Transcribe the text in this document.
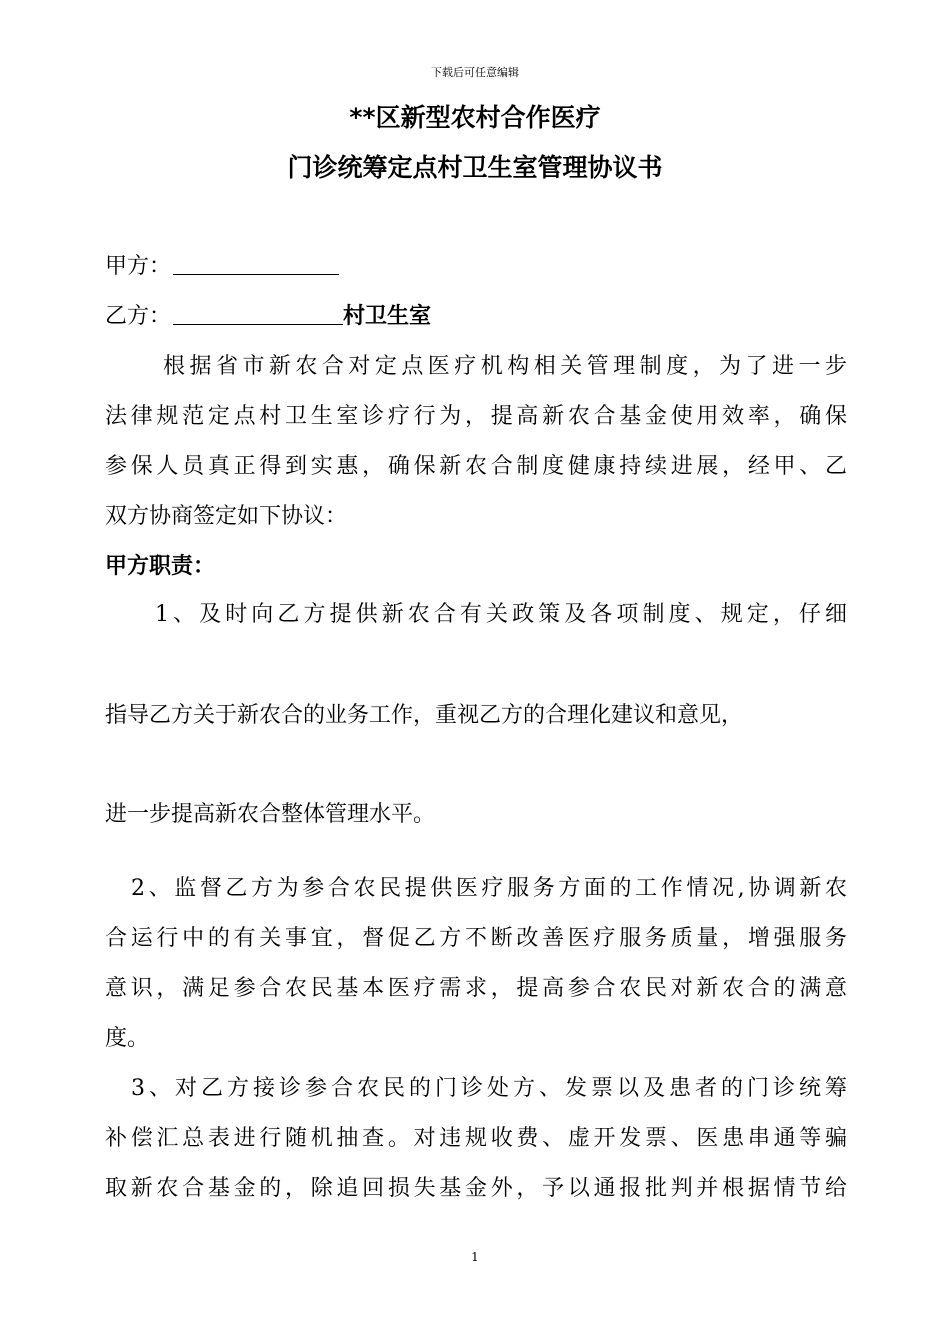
下载后可任意编辑
**区新型农村合作医疗
门诊统筹定点村卫生室管理协议书
甲方：
乙方：	村卫生室
根据省市新农合对定点医疗机构相关管理制度，为了进一步
法律规范定点村卫生室诊疗行为，提高新农合基金使用效率，确保
参保人员真正得到实惠，确保新农合制度健康持续进展，经甲、乙
双方协商签定如下协议：
甲方职责：
1、及时向乙方提供新农合有关政策及各项制度、规定，仔细
指导乙方关于新农合的业务工作，重视乙方的合理化建议和意见，
进一步提高新农合整体管理水平。
2、监督乙方为参合农民提供医疗服务方面的工作情况,协调新农
合运行中的有关事宜，督促乙方不断改善医疗服务质量，增强服务
意识，满足参合农民基本医疗需求，提高参合农民对新农合的满意
度。
3、对乙方接诊参合农民的门诊处方、发票以及患者的门诊统筹
补偿汇总表进行随机抽查。对违规收费、虚开发票、医患串通等骗
取新农合基金的，除追回损失基金外，予以通报批判并根据情节给
1
